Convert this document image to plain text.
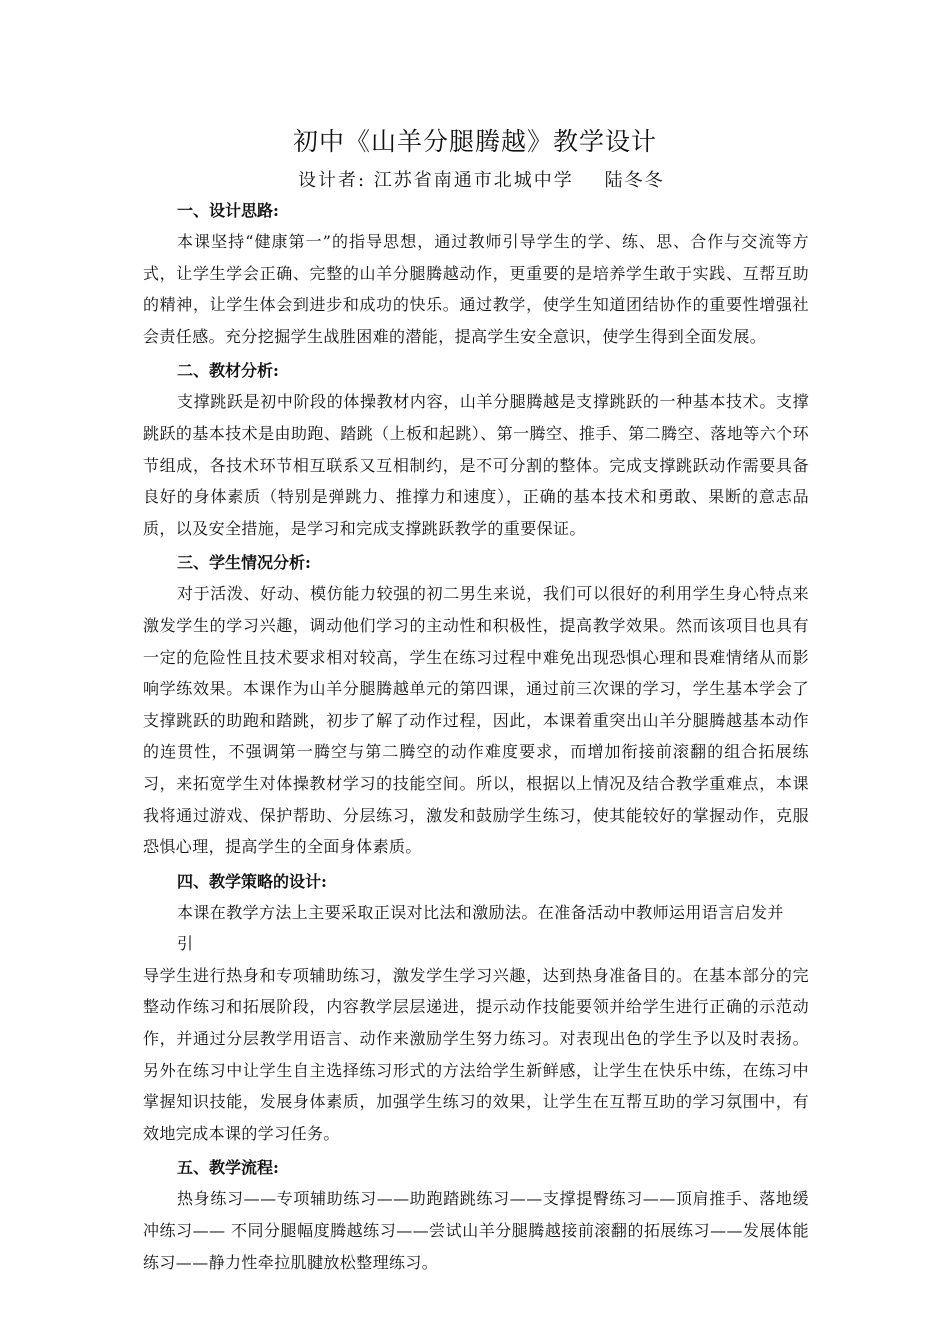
初中《山羊分腿腾越》教学设计

设计者: 江苏省南通市北城中学    陆冬冬

一、设计思路:

本课坚持“健康第一”的指导思想，通过教师引导学生的学、练、思、合作与交流等方式，让学生学会正确、完整的山羊分腿腾越动作，更重要的是培养学生敢于实践、互帮互助的精神，让学生体会到进步和成功的快乐。通过教学，使学生知道团结协作的重要性增强社会责任感。充分挖掘学生战胜困难的潜能，提高学生安全意识，使学生得到全面发展。

二、教材分析:

支撑跳跃是初中阶段的体操教材内容，山羊分腿腾越是支撑跳跃的一种基本技术。支撑跳跃的基本技术是由助跑、踏跳（上板和起跳）、第一腾空、推手、第二腾空、落地等六个环节组成，各技术环节相互联系又互相制约，是不可分割的整体。完成支撑跳跃动作需要具备良好的身体素质（特别是弹跳力、推撑力和速度），正确的基本技术和勇敢、果断的意志品质，以及安全措施，是学习和完成支撑跳跃教学的重要保证。

三、学生情况分析:

对于活泼、好动、模仿能力较强的初二男生来说，我们可以很好的利用学生身心特点来激发学生的学习兴趣，调动他们学习的主动性和积极性，提高教学效果。然而该项目也具有一定的危险性且技术要求相对较高，学生在练习过程中难免出现恐惧心理和畏难情绪从而影响学练效果。本课作为山羊分腿腾越单元的第四课，通过前三次课的学习，学生基本学会了支撑跳跃的助跑和踏跳，初步了解了动作过程，因此，本课着重突出山羊分腿腾越基本动作的连贯性，不强调第一腾空与第二腾空的动作难度要求，而增加衔接前滚翻的组合拓展练习，来拓宽学生对体操教材学习的技能空间。所以，根据以上情况及结合教学重难点，本课我将通过游戏、保护帮助、分层练习，激发和鼓励学生练习，使其能较好的掌握动作，克服恐惧心理，提高学生的全面身体素质。

四、教学策略的设计:

本课在教学方法上主要采取正误对比法和激励法。在准备活动中教师运用语言启发并

引

导学生进行热身和专项辅助练习，激发学生学习兴趣，达到热身准备目的。在基本部分的完整动作练习和拓展阶段，内容教学层层递进，提示动作技能要领并给学生进行正确的示范动作，并通过分层教学用语言、动作来激励学生努力练习。对表现出色的学生予以及时表扬。另外在练习中让学生自主选择练习形式的方法给学生新鲜感，让学生在快乐中练，在练习中掌握知识技能，发展身体素质，加强学生练习的效果，让学生在互帮互助的学习氛围中，有效地完成本课的学习任务。

五、教学流程:

热身练习——专项辅助练习——助跑踏跳练习——支撑提臀练习——顶肩推手、落地缓冲练习—— 不同分腿幅度腾越练习——尝试山羊分腿腾越接前滚翻的拓展练习——发展体能练习——静力性牵拉肌腱放松整理练习。
